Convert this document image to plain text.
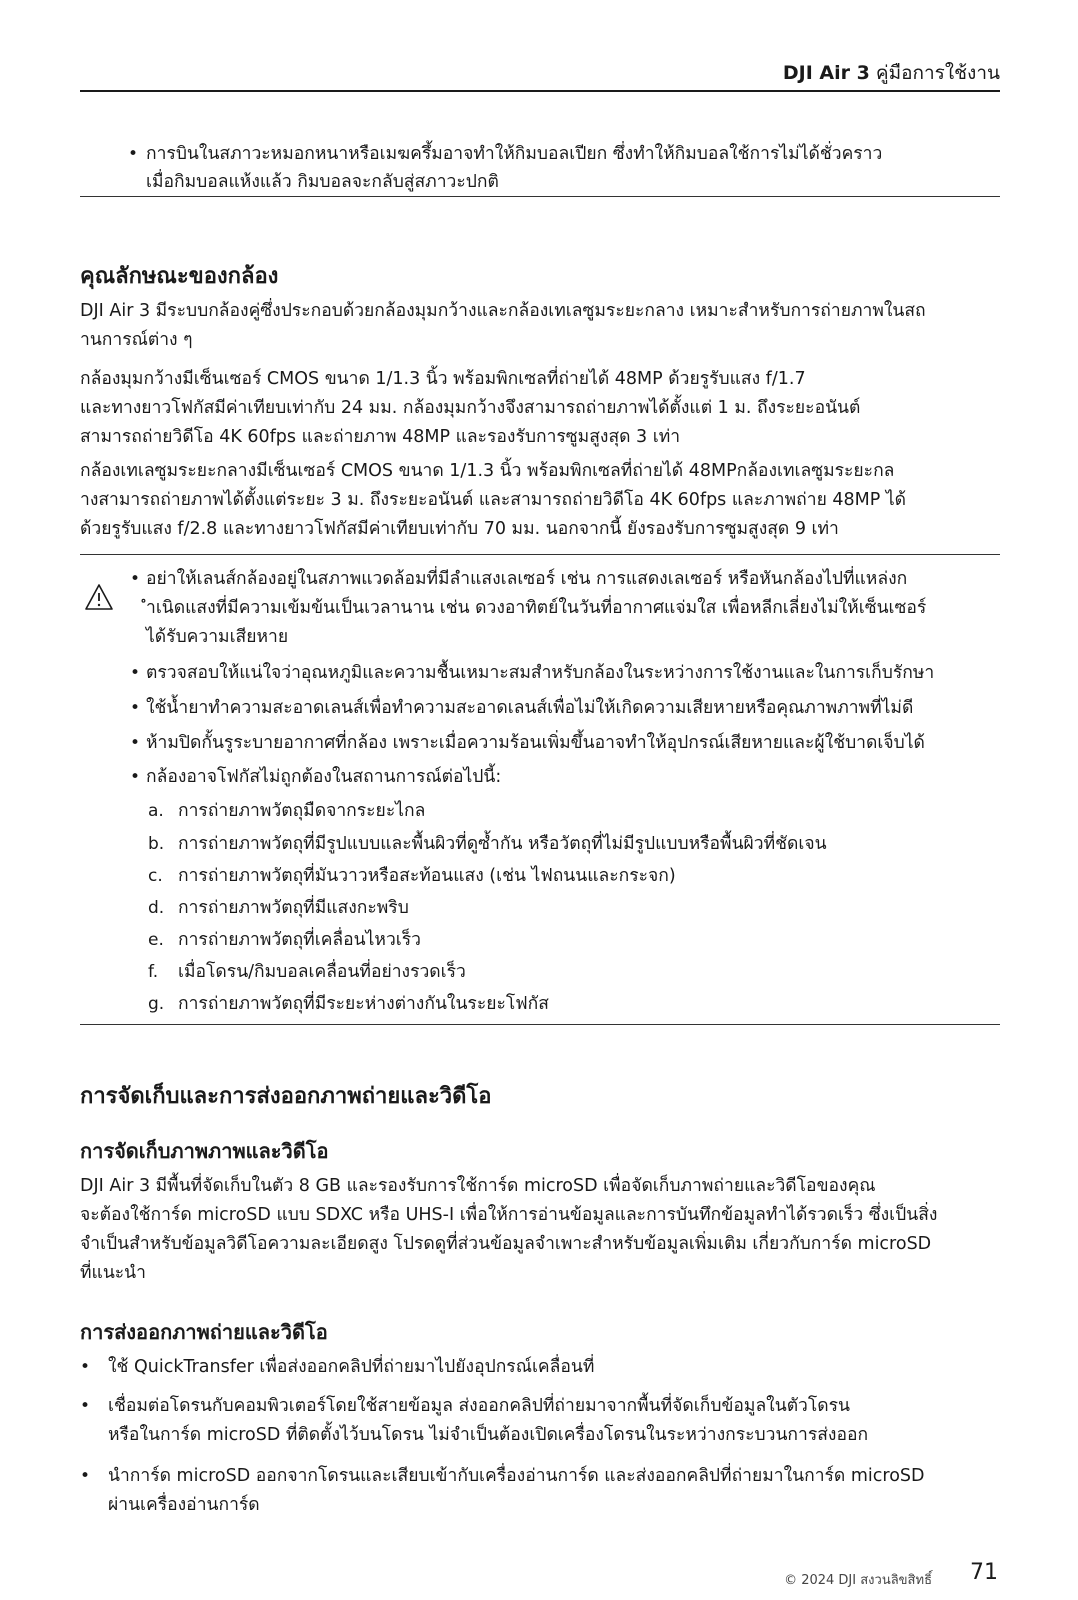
DJI Air 3 คู่มือการใช้งาน
• การบินในสภาวะหมอกหนาหรือเมฆครึ้มอาจทำให้กิมบอลเปียก ซึ่งทำให้กิมบอลใช้การไม่ได้ชั่วคราว
เมื่อกิมบอลแห้งแล้ว กิมบอลจะกลับสู่สภาวะปกติ
คุณลักษณะของกล้อง
DJI Air 3 มีระบบกล้องคู่ซึ่งประกอบด้วยกล้องมุมกว้างและกล้องเทเลซูมระยะกลาง เหมาะสำหรับการถ่ายภาพในสถ
านการณ์ต่าง ๆ
กล้องมุมกว้างมีเซ็นเซอร์ CMOS ขนาด 1/1.3 นิ้ว พร้อมพิกเซลที่ถ่ายได้ 48MP ด้วยรูรับแสง f/1.7
และทางยาวโฟกัสมีค่าเทียบเท่ากับ 24 มม. กล้องมุมกว้างจึงสามารถถ่ายภาพได้ตั้งแต่ 1 ม. ถึงระยะอนันต์
สามารถถ่ายวิดีโอ 4K 60fps และถ่ายภาพ 48MP และรองรับการซูมสูงสุด 3 เท่า
กล้องเทเลซูมระยะกลางมีเซ็นเซอร์ CMOS ขนาด 1/1.3 นิ้ว พร้อมพิกเซลที่ถ่ายได้ 48MPกล้องเทเลซูมระยะกล
างสามารถถ่ายภาพได้ตั้งแต่ระยะ 3 ม. ถึงระยะอนันต์ และสามารถถ่ายวิดีโอ 4K 60fps และภาพถ่าย 48MP ได้
ด้วยรูรับแสง f/2.8 และทางยาวโฟกัสมีค่าเทียบเท่ากับ 70 มม. นอกจากนี้ ยังรองรับการซูมสูงสุด 9 เท่า
• อย่าให้เลนส์กล้องอยู่ในสภาพแวดล้อมที่มีลำแสงเลเซอร์ เช่น การแสดงเลเซอร์ หรือหันกล้องไปที่แหล่งก
ำเนิดแสงที่มีความเข้มข้นเป็นเวลานาน เช่น ดวงอาทิตย์ในวันที่อากาศแจ่มใส เพื่อหลีกเลี่ยงไม่ให้เซ็นเซอร์
ได้รับความเสียหาย
• ตรวจสอบให้แน่ใจว่าอุณหภูมิและความชื้นเหมาะสมสำหรับกล้องในระหว่างการใช้งานและในการเก็บรักษา
• ใช้น้ำยาทำความสะอาดเลนส์เพื่อทำความสะอาดเลนส์เพื่อไม่ให้เกิดความเสียหายหรือคุณภาพภาพที่ไม่ดี
• ห้ามปิดกั้นรูระบายอากาศที่กล้อง เพราะเมื่อความร้อนเพิ่มขึ้นอาจทำให้อุปกรณ์เสียหายและผู้ใช้บาดเจ็บได้
• กล้องอาจโฟกัสไม่ถูกต้องในสถานการณ์ต่อไปนี้:
a. การถ่ายภาพวัตถุมืดจากระยะไกล
b. การถ่ายภาพวัตถุที่มีรูปแบบและพื้นผิวที่ดูซ้ำกัน หรือวัตถุที่ไม่มีรูปแบบหรือพื้นผิวที่ชัดเจน
c. การถ่ายภาพวัตถุที่มันวาวหรือสะท้อนแสง (เช่น ไฟถนนและกระจก)
d. การถ่ายภาพวัตถุที่มีแสงกะพริบ
e. การถ่ายภาพวัตถุที่เคลื่อนไหวเร็ว
f. เมื่อโดรน/กิมบอลเคลื่อนที่อย่างรวดเร็ว
g. การถ่ายภาพวัตถุที่มีระยะห่างต่างกันในระยะโฟกัส
การจัดเก็บและการส่งออกภาพถ่ายและวิดีโอ
การจัดเก็บภาพภาพและวิดีโอ
DJI Air 3 มีพื้นที่จัดเก็บในตัว 8 GB และรองรับการใช้การ์ด microSD เพื่อจัดเก็บภาพถ่ายและวิดีโอของคุณ
จะต้องใช้การ์ด microSD แบบ SDXC หรือ UHS-I เพื่อให้การอ่านข้อมูลและการบันทึกข้อมูลทำได้รวดเร็ว ซึ่งเป็นสิ่ง
จำเป็นสำหรับข้อมูลวิดีโอความละเอียดสูง โปรดดูที่ส่วนข้อมูลจำเพาะสำหรับข้อมูลเพิ่มเติม เกี่ยวกับการ์ด microSD
ที่แนะนำ
การส่งออกภาพถ่ายและวิดีโอ
• ใช้ QuickTransfer เพื่อส่งออกคลิปที่ถ่ายมาไปยังอุปกรณ์เคลื่อนที่
• เชื่อมต่อโดรนกับคอมพิวเตอร์โดยใช้สายข้อมูล ส่งออกคลิปที่ถ่ายมาจากพื้นที่จัดเก็บข้อมูลในตัวโดรน
หรือในการ์ด microSD ที่ติดตั้งไว้บนโดรน ไม่จำเป็นต้องเปิดเครื่องโดรนในระหว่างกระบวนการส่งออก
• นำการ์ด microSD ออกจากโดรนและเสียบเข้ากับเครื่องอ่านการ์ด และส่งออกคลิปที่ถ่ายมาในการ์ด microSD
ผ่านเครื่องอ่านการ์ด
© 2024 DJI สงวนลิขสิทธิ์ 71
